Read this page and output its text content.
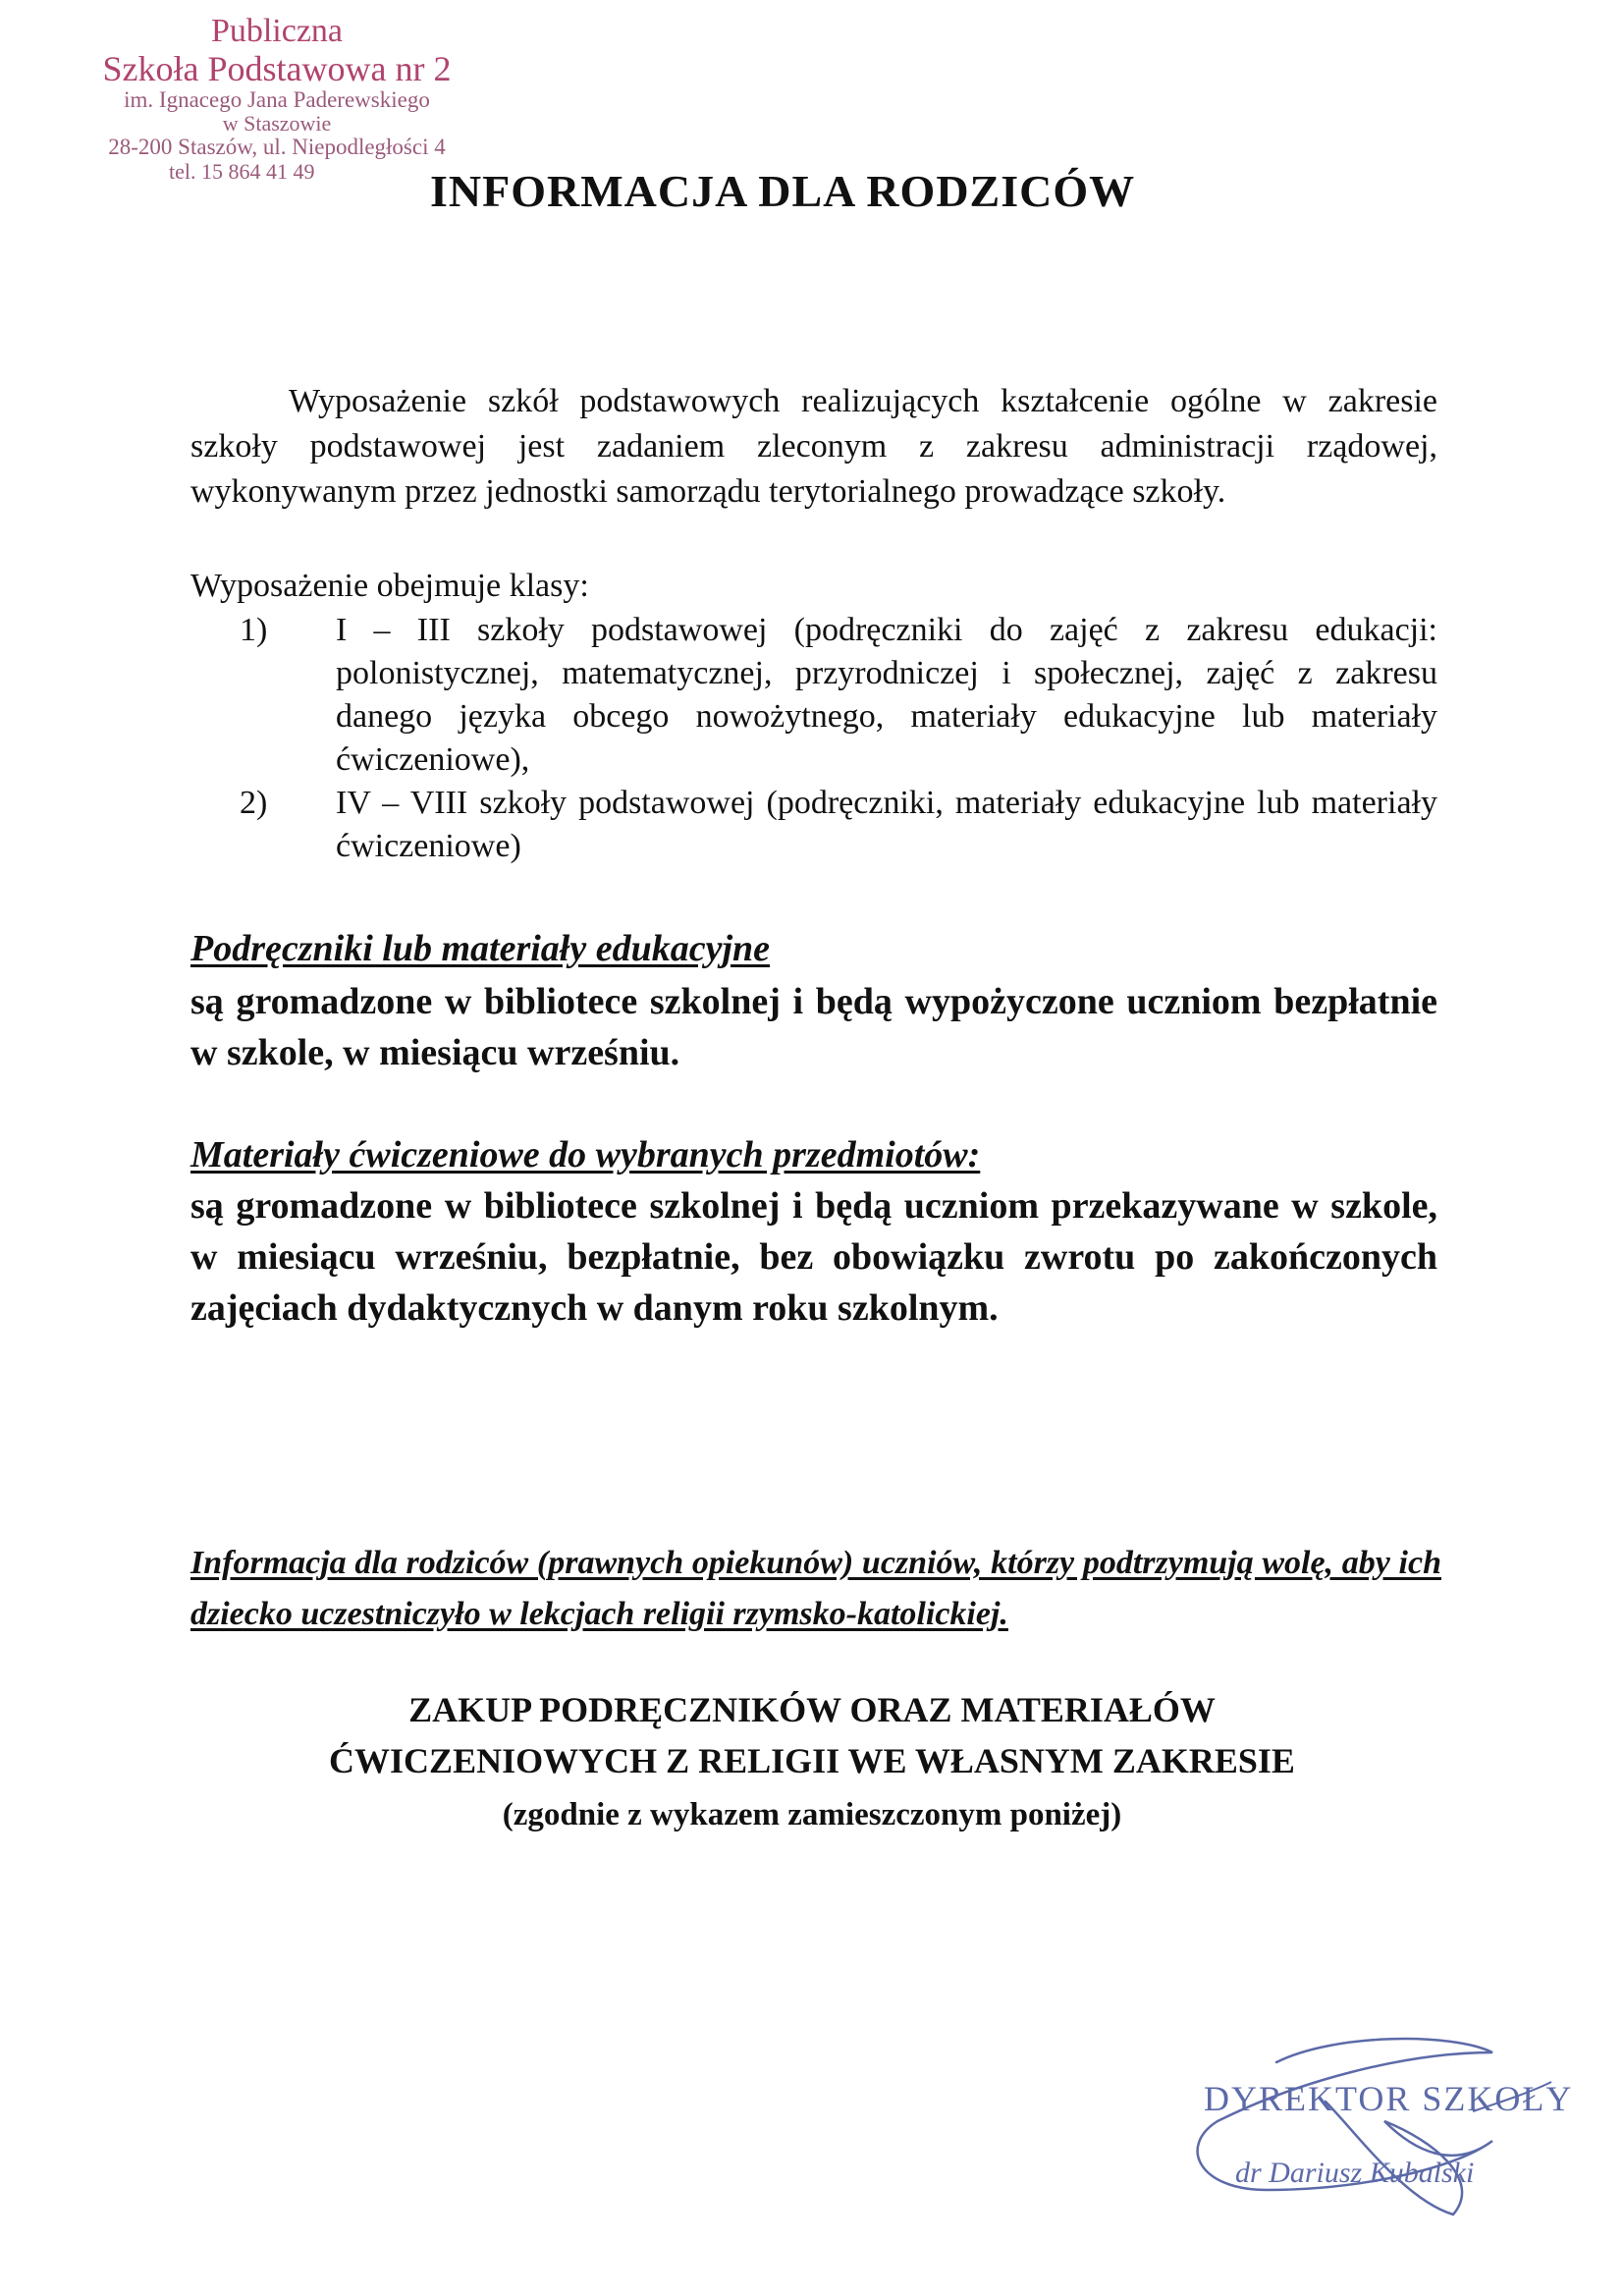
Publiczna
Szkoła Podstawowa nr 2
im. Ignacego Jana Paderewskiego
w Staszowie
28-200 Staszów, ul. Niepodległości 4
tel. 15 864 41 49	INFORMACJA DLA RODZICÓW
Wyposażenie szkół podstawowych realizujących kształcenie ogólne w zakresie szkoły podstawowej jest zadaniem zleconym z zakresu administracji rządowej, wykonywanym przez jednostki samorządu terytorialnego prowadzące szkoły.
Wyposażenie obejmuje klasy:
1) I – III szkoły podstawowej (podręczniki do zajęć z zakresu edukacji: polonistycznej, matematycznej, przyrodniczej i społecznej, zajęć z zakresu danego języka obcego nowożytnego, materiały edukacyjne lub materiały ćwiczeniowe),
2) IV – VIII szkoły podstawowej (podręczniki, materiały edukacyjne lub materiały ćwiczeniowe)
Podręczniki lub materiały edukacyjne
są gromadzone w bibliotece szkolnej i będą wypożyczone uczniom bezpłatnie w szkole, w miesiącu wrześniu.
Materiały ćwiczeniowe do wybranych przedmiotów:
są gromadzone w bibliotece szkolnej i będą uczniom przekazywane w szkole, w miesiącu wrześniu, bezpłatnie, bez obowiązku zwrotu po zakończonych zajęciach dydaktycznych w danym roku szkolnym.
Informacja dla rodziców (prawnych opiekunów) uczniów, którzy podtrzymują wolę, aby ich dziecko uczestniczyło w lekcjach religii rzymsko-katolickiej.
ZAKUP PODRĘCZNIKÓW ORAZ MATERIAŁÓW
ĆWICZENIOWYCH Z RELIGII WE WŁASNYM ZAKRESIE
(zgodnie z wykazem zamieszczonym poniżej)
DYREKTOR SZKOŁY
dr Dariusz Kubalski
